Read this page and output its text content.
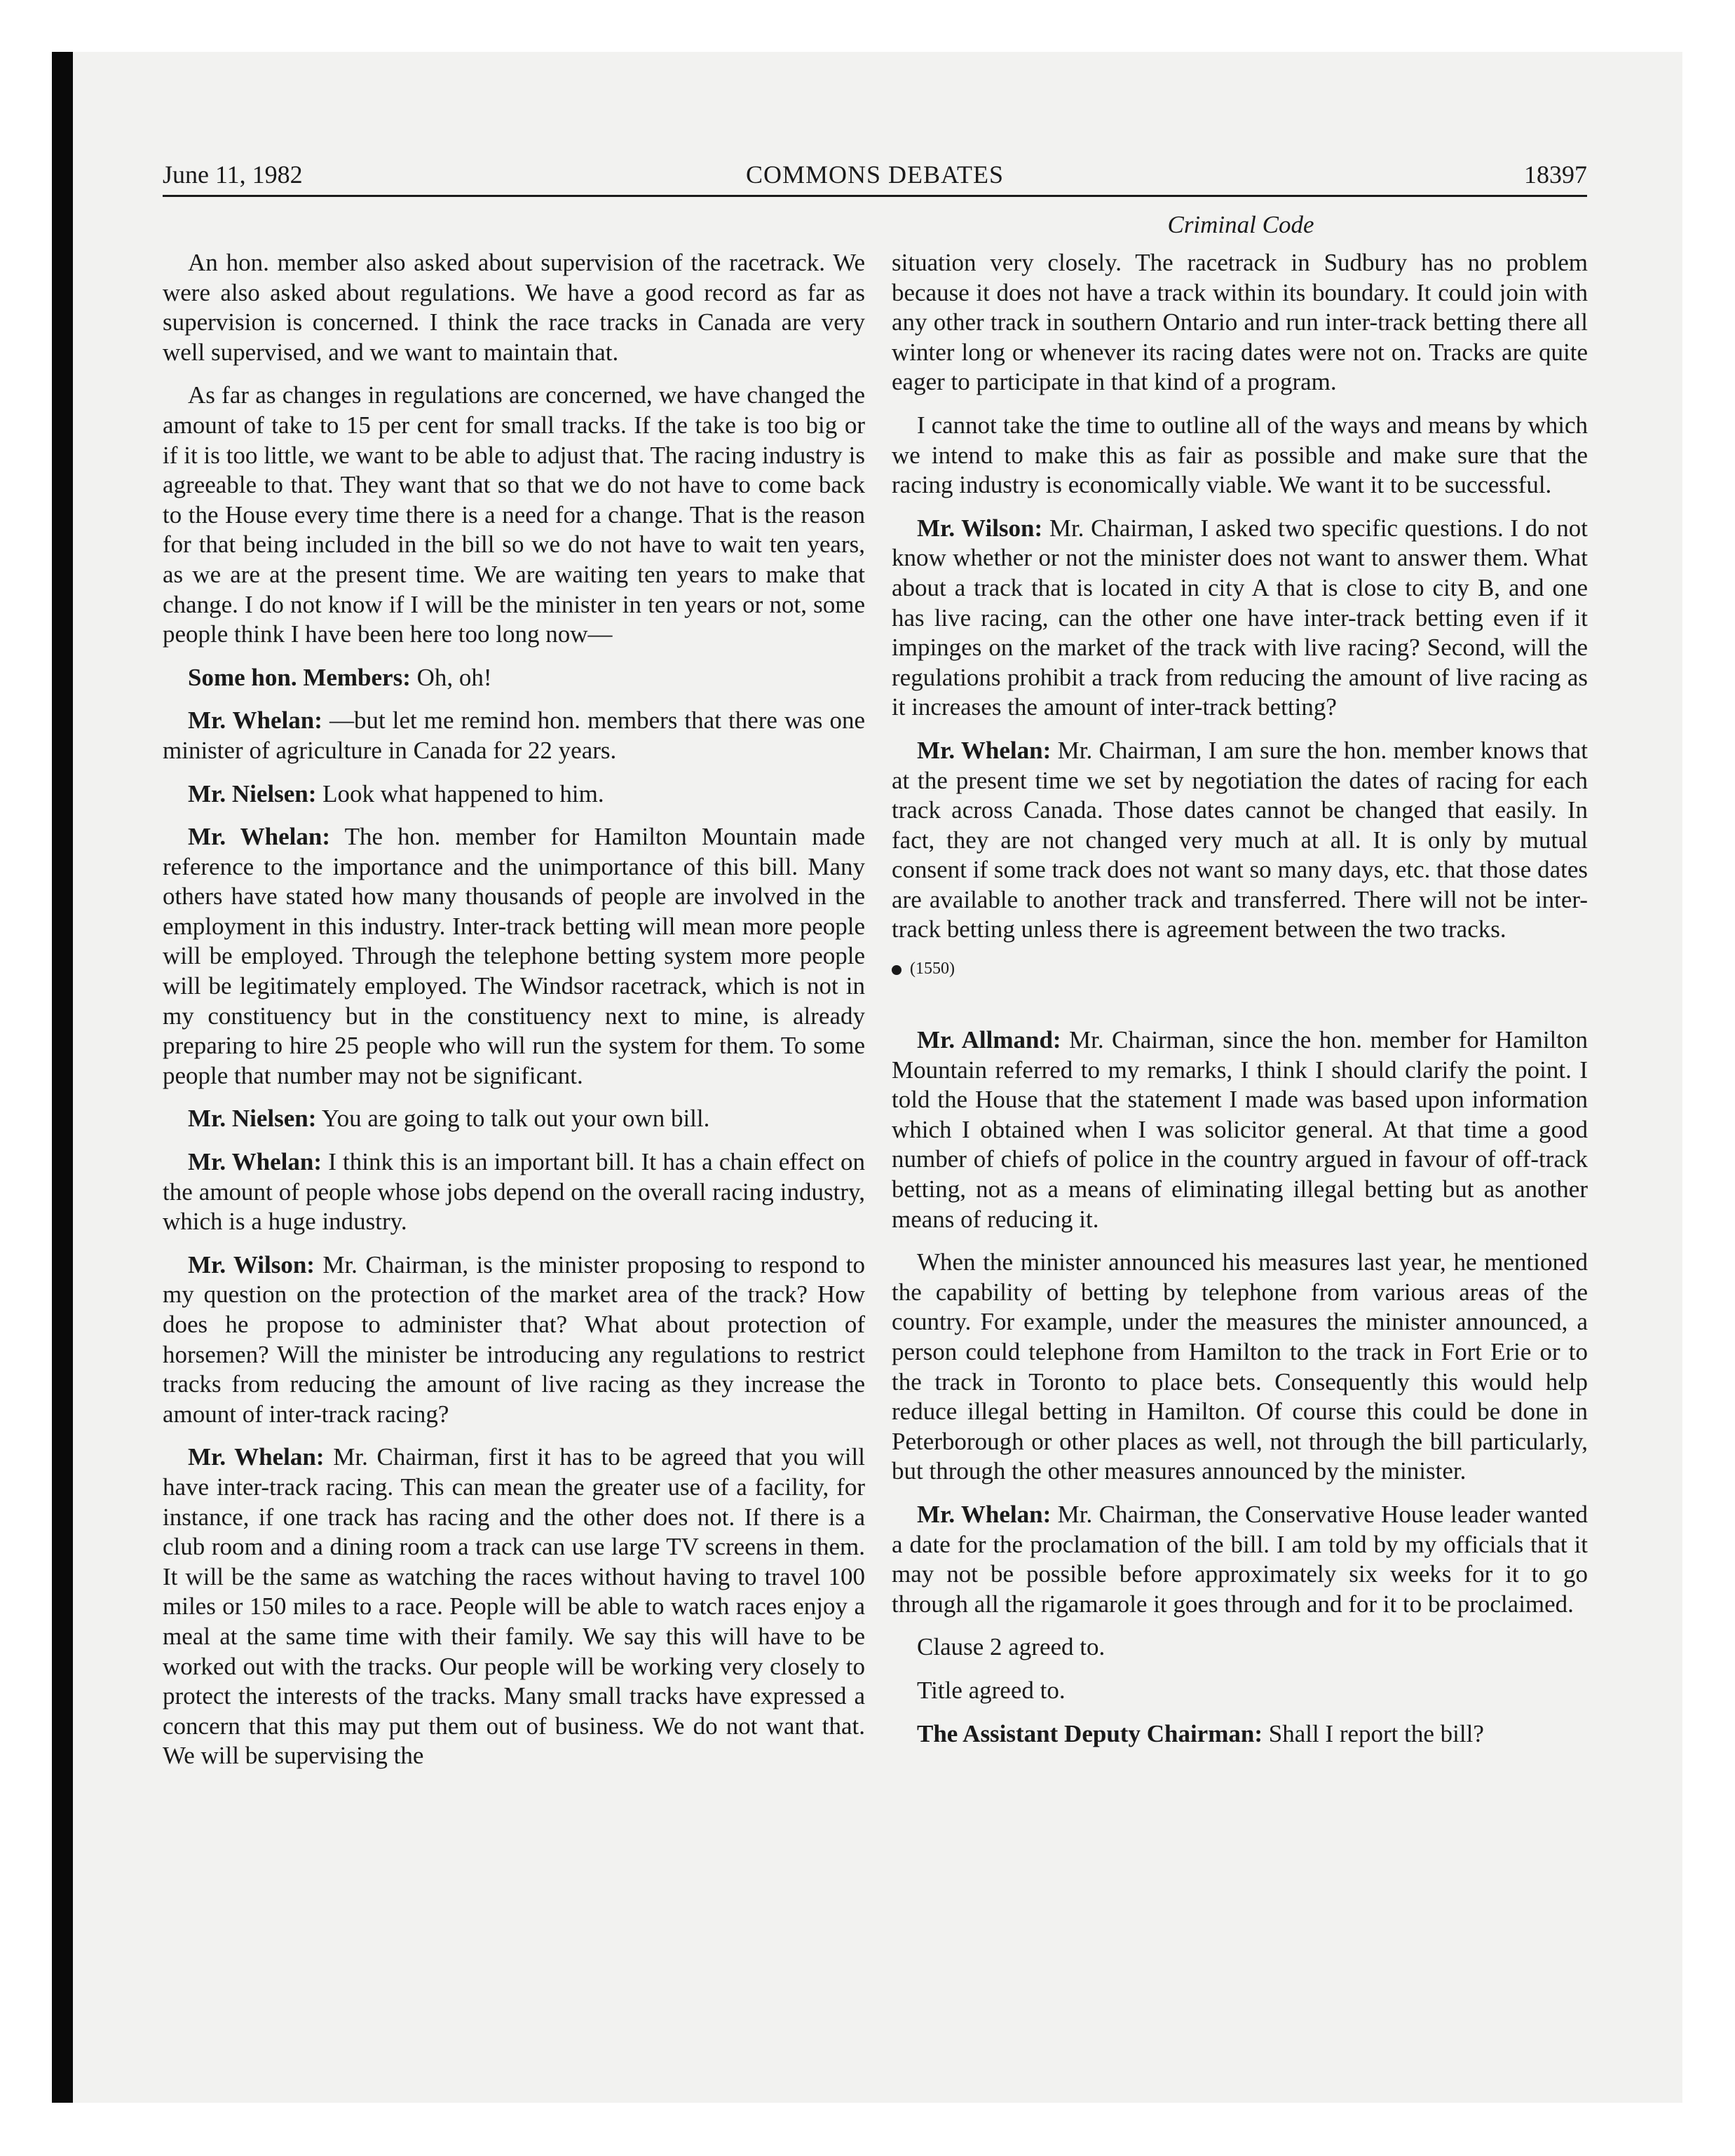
June 11, 1982	COMMONS DEBATES	18397
Criminal Code

An hon. member also asked about supervision of the racetrack. We were also asked about regulations. We have a good record as far as supervision is concerned. I think the race tracks in Canada are very well supervised, and we want to maintain that.

As far as changes in regulations are concerned, we have changed the amount of take to 15 per cent for small tracks. If the take is too big or if it is too little, we want to be able to adjust that. The racing industry is agreeable to that. They want that so that we do not have to come back to the House every time there is a need for a change. That is the reason for that being included in the bill so we do not have to wait ten years, as we are at the present time. We are waiting ten years to make that change. I do not know if I will be the minister in ten years or not, some people think I have been here too long now—

Some hon. Members: Oh, oh!

Mr. Whelan: —but let me remind hon. members that there was one minister of agriculture in Canada for 22 years.

Mr. Nielsen: Look what happened to him.

Mr. Whelan: The hon. member for Hamilton Mountain made reference to the importance and the unimportance of this bill. Many others have stated how many thousands of people are involved in the employment in this industry. Inter-track betting will mean more people will be employed. Through the telephone betting system more people will be legitimately employed. The Windsor racetrack, which is not in my constituency but in the constituency next to mine, is already preparing to hire 25 people who will run the system for them. To some people that number may not be significant.

Mr. Nielsen: You are going to talk out your own bill.

Mr. Whelan: I think this is an important bill. It has a chain effect on the amount of people whose jobs depend on the overall racing industry, which is a huge industry.

Mr. Wilson: Mr. Chairman, is the minister proposing to respond to my question on the protection of the market area of the track? How does he propose to administer that? What about protection of horsemen? Will the minister be introducing any regulations to restrict tracks from reducing the amount of live racing as they increase the amount of inter-track racing?

Mr. Whelan: Mr. Chairman, first it has to be agreed that you will have inter-track racing. This can mean the greater use of a facility, for instance, if one track has racing and the other does not. If there is a club room and a dining room a track can use large TV screens in them. It will be the same as watching the races without having to travel 100 miles or 150 miles to a race. People will be able to watch races enjoy a meal at the same time with their family. We say this will have to be worked out with the tracks. Our people will be working very closely to protect the interests of the tracks. Many small tracks have expressed a concern that this may put them out of business. We do not want that. We will be supervising the

situation very closely. The racetrack in Sudbury has no problem because it does not have a track within its boundary. It could join with any other track in southern Ontario and run inter-track betting there all winter long or whenever its racing dates were not on. Tracks are quite eager to participate in that kind of a program.

I cannot take the time to outline all of the ways and means by which we intend to make this as fair as possible and make sure that the racing industry is economically viable. We want it to be successful.

Mr. Wilson: Mr. Chairman, I asked two specific questions. I do not know whether or not the minister does not want to answer them. What about a track that is located in city A that is close to city B, and one has live racing, can the other one have inter-track betting even if it impinges on the market of the track with live racing? Second, will the regulations prohibit a track from reducing the amount of live racing as it increases the amount of inter-track betting?

Mr. Whelan: Mr. Chairman, I am sure the hon. member knows that at the present time we set by negotiation the dates of racing for each track across Canada. Those dates cannot be changed that easily. In fact, they are not changed very much at all. It is only by mutual consent if some track does not want so many days, etc. that those dates are available to another track and transferred. There will not be inter-track betting unless there is agreement between the two tracks.

(1550)

Mr. Allmand: Mr. Chairman, since the hon. member for Hamilton Mountain referred to my remarks, I think I should clarify the point. I told the House that the statement I made was based upon information which I obtained when I was solicitor general. At that time a good number of chiefs of police in the country argued in favour of off-track betting, not as a means of eliminating illegal betting but as another means of reducing it.

When the minister announced his measures last year, he mentioned the capability of betting by telephone from various areas of the country. For example, under the measures the minister announced, a person could telephone from Hamilton to the track in Fort Erie or to the track in Toronto to place bets. Consequently this would help reduce illegal betting in Hamilton. Of course this could be done in Peterborough or other places as well, not through the bill particularly, but through the other measures announced by the minister.

Mr. Whelan: Mr. Chairman, the Conservative House leader wanted a date for the proclamation of the bill. I am told by my officials that it may not be possible before approximately six weeks for it to go through all the rigamarole it goes through and for it to be proclaimed.

Clause 2 agreed to.

Title agreed to.

The Assistant Deputy Chairman: Shall I report the bill?
